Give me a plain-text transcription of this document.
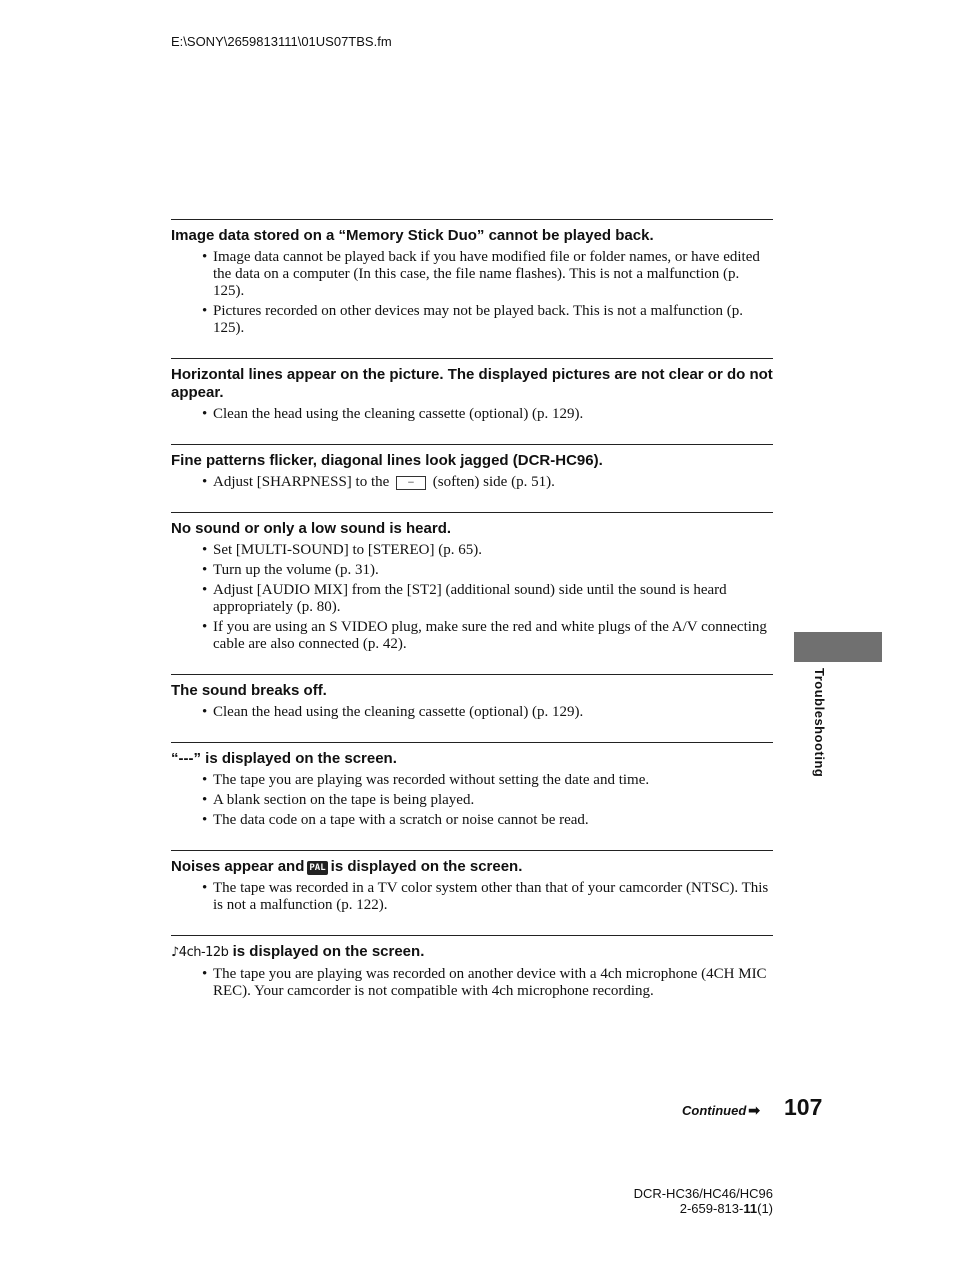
E:\SONY\2659813111\01US07TBS.fm

Image data stored on a “Memory Stick Duo” cannot be played back.

• Image data cannot be played back if you have modified file or folder names, or have edited the data on a computer (In this case, the file name flashes). This is not a malfunction (p. 125).
• Pictures recorded on other devices may not be played back. This is not a malfunction (p. 125).

Horizontal lines appear on the picture. The displayed pictures are not clear or do not appear.

• Clean the head using the cleaning cassette (optional) (p. 129).

Fine patterns flicker, diagonal lines look jagged (DCR-HC96).

• Adjust [SHARPNESS] to the − (soften) side (p. 51).

No sound or only a low sound is heard.

• Set [MULTI-SOUND] to [STEREO] (p. 65).
• Turn up the volume (p. 31).
• Adjust [AUDIO MIX] from the [ST2] (additional sound) side until the sound is heard appropriately (p. 80).
• If you are using an S VIDEO plug, make sure the red and white plugs of the A/V connecting cable are also connected (p. 42).

The sound breaks off.

• Clean the head using the cleaning cassette (optional) (p. 129).

“---” is displayed on the screen.

• The tape you are playing was recorded without setting the date and time.
• A blank section on the tape is being played.
• The data code on a tape with a scratch or noise cannot be read.

Noises appear and PAL is displayed on the screen.

• The tape was recorded in a TV color system other than that of your camcorder (NTSC). This is not a malfunction (p. 122).

♪4ch-12b is displayed on the screen.

• The tape you are playing was recorded on another device with a 4ch microphone (4CH MIC REC). Your camcorder is not compatible with 4ch microphone recording.
Troubleshooting
Continued ➡ 107
DCR-HC36/HC46/HC96
2-659-813-11(1)
